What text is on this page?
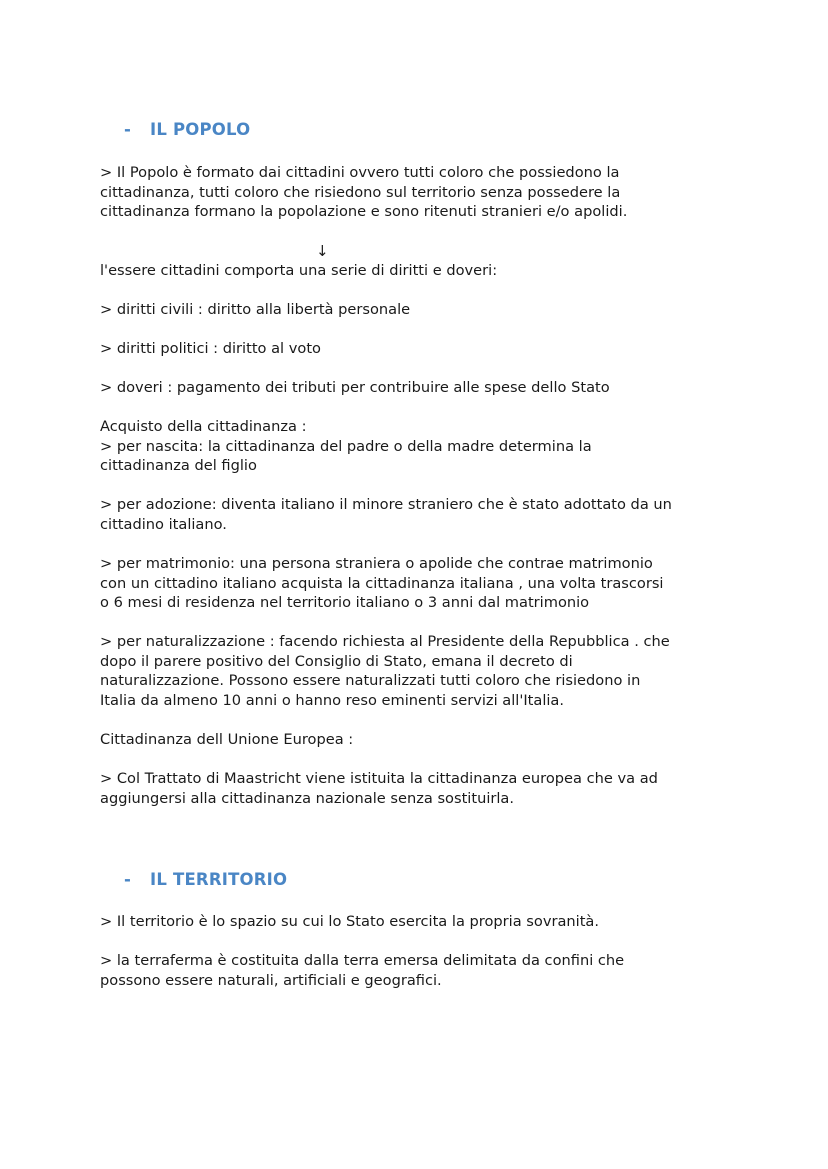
- IL POPOLO
> Il Popolo è formato dai cittadini ovvero tutti coloro che possiedono la
cittadinanza, tutti coloro che risiedono sul territorio senza possedere la
cittadinanza formano la popolazione e sono ritenuti stranieri e/o apolidi.
↓
l'essere cittadini comporta una serie di diritti e doveri:
> diritti civili : diritto alla libertà personale
> diritti politici : diritto al voto
> doveri : pagamento dei tributi per contribuire alle spese dello Stato
Acquisto della cittadinanza :
> per nascita: la cittadinanza del padre o della madre determina la
cittadinanza del figlio
> per adozione: diventa italiano il minore straniero che è stato adottato da un
cittadino italiano.
> per matrimonio: una persona straniera o apolide che contrae matrimonio
con un cittadino italiano acquista la cittadinanza italiana , una volta trascorsi
o 6 mesi di residenza nel territorio italiano o 3 anni dal matrimonio
> per naturalizzazione : facendo richiesta al Presidente della Repubblica . che
dopo il parere positivo del Consiglio di Stato, emana il decreto di
naturalizzazione. Possono essere naturalizzati tutti coloro che risiedono in
Italia da almeno 10 anni o hanno reso eminenti servizi all'Italia.
Cittadinanza dell Unione Europea :
> Col Trattato di Maastricht viene istituita la cittadinanza europea che va ad
aggiungersi alla cittadinanza nazionale senza sostituirla.
- IL TERRITORIO
> Il territorio è lo spazio su cui lo Stato esercita la propria sovranità.
> la terraferma è costituita dalla terra emersa delimitata da confini che
possono essere naturali, artificiali e geografici.
